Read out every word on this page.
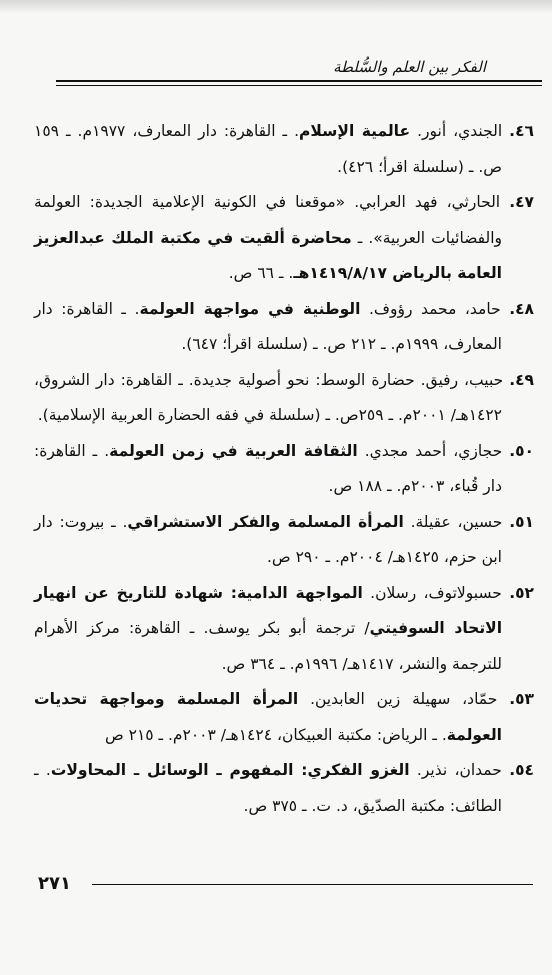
الفكر بين العلم والسُّلطة

٤٦. الجندي، أنور. عالمية الإسلام. ـ القاهرة: دار المعارف، ١٩٧٧م. ـ ١٥٩ ص. ـ (سلسلة اقرأ؛ ٤٢٦).

٤٧. الحارثي، فهد العرابي. «موقعنا في الكونية الإعلامية الجديدة: العولمة والفضائيات العربية». ـ محاضرة ألقيت في مكتبة الملك عبدالعزيز العامة بالرياض ١٤١٩/٨/١٧هـ. ـ ٦٦ ص.

٤٨. حامد، محمد رؤوف. الوطنية في مواجهة العولمة. ـ القاهرة: دار المعارف، ١٩٩٩م. ـ ٢١٢ ص. ـ (سلسلة اقرأ؛ ٦٤٧).

٤٩. حبيب، رفيق. حضارة الوسط: نحو أصولية جديدة. ـ القاهرة: دار الشروق، ١٤٢٢هـ/ ٢٠٠١م. ـ ٢٥٩ص. ـ (سلسلة في فقه الحضارة العربية الإسلامية).

٥٠. حجازي، أحمد مجدي. الثقافة العربية في زمن العولمة. ـ القاهرة: دار قُباء، ٢٠٠٣م. ـ ١٨٨ ص.

٥١. حسين، عقيلة. المرأة المسلمة والفكر الاستشراقي. ـ بيروت: دار ابن حزم، ١٤٢٥هـ/ ٢٠٠٤م. ـ ٢٩٠ ص.

٥٢. حسبولاتوف، رسلان. المواجهة الدامية: شهادة للتاريخ عن انهيار الاتحاد السوفيتي/ ترجمة أبو بكر يوسف. ـ القاهرة: مركز الأهرام للترجمة والنشر، ١٤١٧هـ/ ١٩٩٦م. ـ ٣٦٤ ص.

٥٣. حمّاد، سهيلة زين العابدين. المرأة المسلمة ومواجهة تحديات العولمة. ـ الرياض: مكتبة العبيكان، ١٤٢٤هـ/ ٢٠٠٣م. ـ ٢١٥ ص

٥٤. حمدان، نذير. الغزو الفكري: المفهوم ـ الوسائل ـ المحاولات. ـ الطائف: مكتبة الصدّيق، د. ت. ـ ٣٧٥ ص.

٢٧١
